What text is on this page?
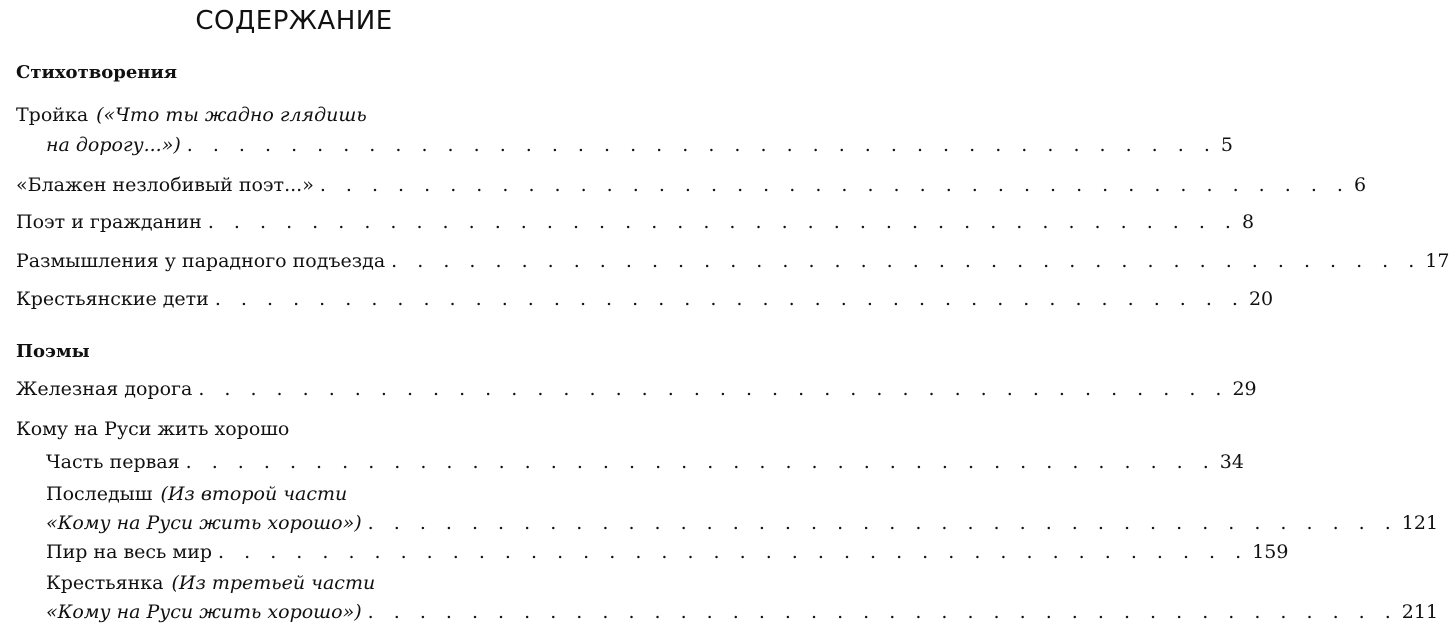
СОДЕРЖАНИЕ
Стихотворения
Тройка («Что ты жадно глядишь
на дорогу...») . . . . . . . . . . . . . . . . . . . . . . . . . . . . . . . . . . . . . . . . 5
«Блажен незлобивый поэт...» . . . . . . . . . . . . . . . . . . . . . . . . . . . . . . . . . . . . . . . . 6
Поэт и гражданин . . . . . . . . . . . . . . . . . . . . . . . . . . . . . . . . . . . . . . . . 8
Размышления у парадного подъезда . . . . . . . . . . . . . . . . . . . . . . . . . . . . . . . . . . . . . . . . 17
Крестьянские дети . . . . . . . . . . . . . . . . . . . . . . . . . . . . . . . . . . . . . . . . 20
Поэмы
Железная дорога . . . . . . . . . . . . . . . . . . . . . . . . . . . . . . . . . . . . . . . . 29
Кому на Руси жить хорошо
Часть первая . . . . . . . . . . . . . . . . . . . . . . . . . . . . . . . . . . . . . . . . 34
Последыш (Из второй части
«Кому на Руси жить хорошо») . . . . . . . . . . . . . . . . . . . . . . . . . . . . . . . . . . . . . . . . 121
Пир на весь мир . . . . . . . . . . . . . . . . . . . . . . . . . . . . . . . . . . . . . . . . 159
Крестьянка (Из третьей части
«Кому на Руси жить хорошо») . . . . . . . . . . . . . . . . . . . . . . . . . . . . . . . . . . . . . . . . 211
